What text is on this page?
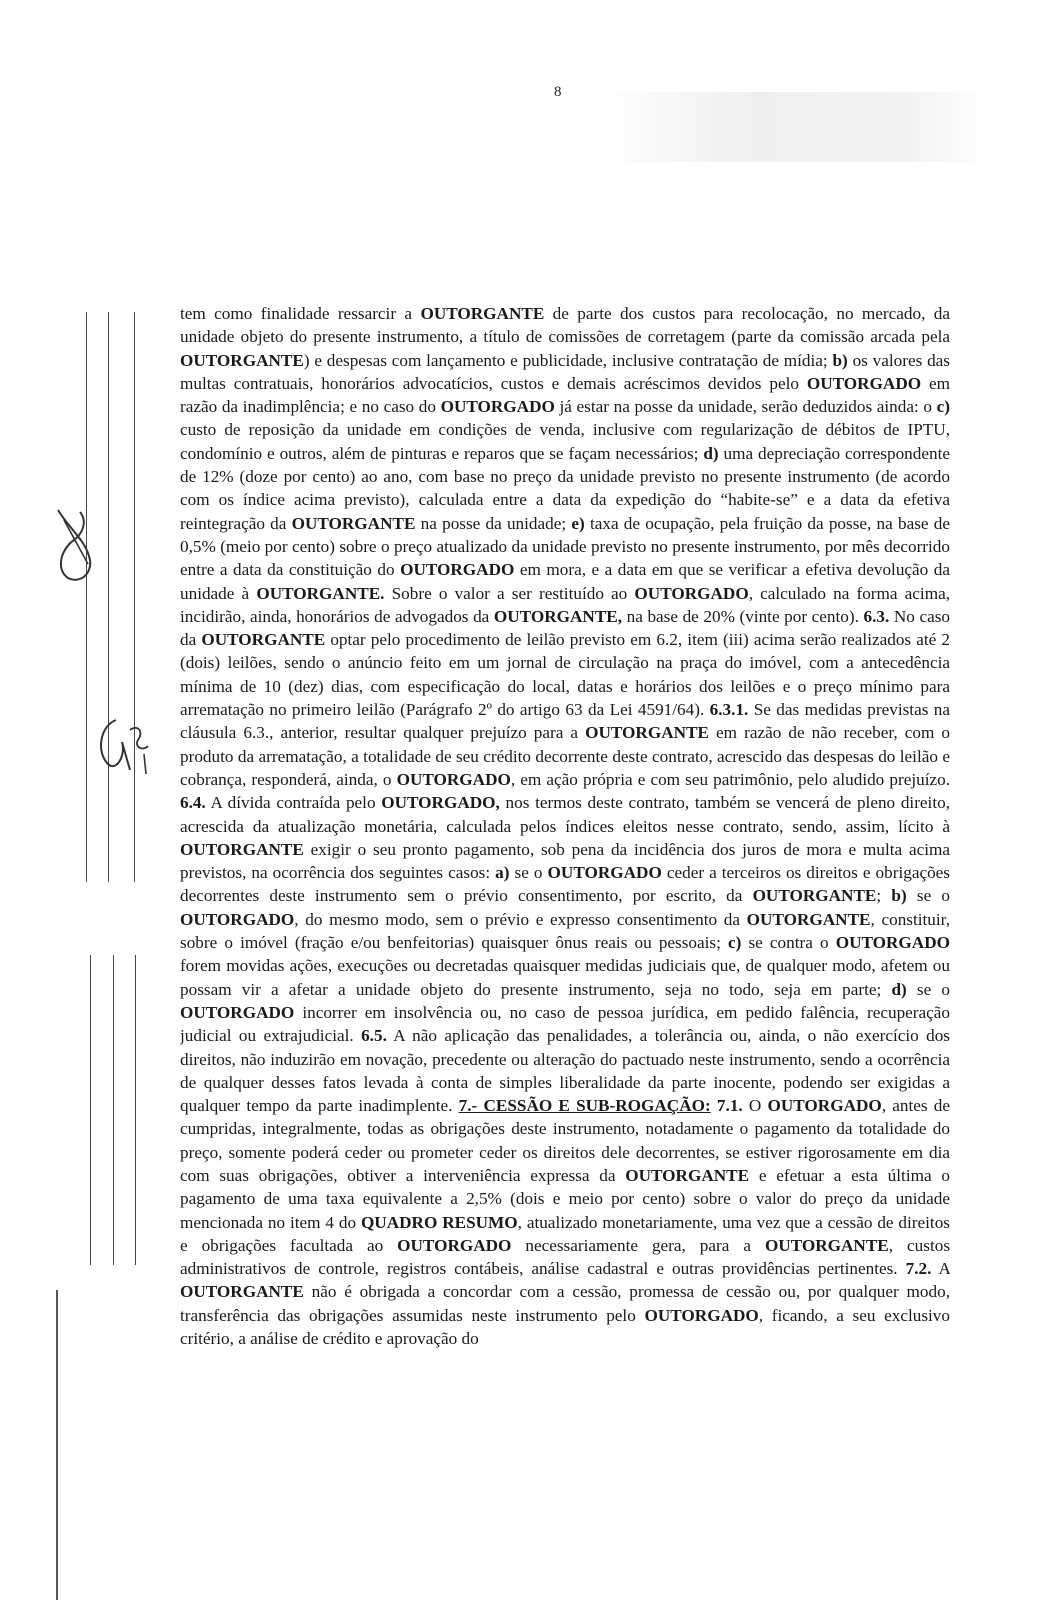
8

tem como finalidade ressarcir a OUTORGANTE de parte dos custos para recolocação, no mercado, da unidade objeto do presente instrumento, a título de comissões de corretagem (parte da comissão arcada pela OUTORGANTE) e despesas com lançamento e publicidade, inclusive contratação de mídia; b) os valores das multas contratuais, honorários advocatícios, custos e demais acréscimos devidos pelo OUTORGADO em razão da inadimplência; e no caso do OUTORGADO já estar na posse da unidade, serão deduzidos ainda: o c) custo de reposição da unidade em condições de venda, inclusive com regularização de débitos de IPTU, condomínio e outros, além de pinturas e reparos que se façam necessários; d) uma depreciação correspondente de 12% (doze por cento) ao ano, com base no preço da unidade previsto no presente instrumento (de acordo com os índice acima previsto), calculada entre a data da expedição do “habite-se” e a data da efetiva reintegração da OUTORGANTE na posse da unidade; e) taxa de ocupação, pela fruição da posse, na base de 0,5% (meio por cento) sobre o preço atualizado da unidade previsto no presente instrumento, por mês decorrido entre a data da constituição do OUTORGADO em mora, e a data em que se verificar a efetiva devolução da unidade à OUTORGANTE. Sobre o valor a ser restituído ao OUTORGADO, calculado na forma acima, incidirão, ainda, honorários de advogados da OUTORGANTE, na base de 20% (vinte por cento). 6.3. No caso da OUTORGANTE optar pelo procedimento de leilão previsto em 6.2, item (iii) acima serão realizados até 2 (dois) leilões, sendo o anúncio feito em um jornal de circulação na praça do imóvel, com a antecedência mínima de 10 (dez) dias, com especificação do local, datas e horários dos leilões e o preço mínimo para arrematação no primeiro leilão (Parágrafo 2º do artigo 63 da Lei 4591/64). 6.3.1. Se das medidas previstas na cláusula 6.3., anterior, resultar qualquer prejuízo para a OUTORGANTE em razão de não receber, com o produto da arrematação, a totalidade de seu crédito decorrente deste contrato, acrescido das despesas do leilão e cobrança, responderá, ainda, o OUTORGADO, em ação própria e com seu patrimônio, pelo aludido prejuízo. 6.4. A dívida contraída pelo OUTORGADO, nos termos deste contrato, também se vencerá de pleno direito, acrescida da atualização monetária, calculada pelos índices eleitos nesse contrato, sendo, assim, lícito à OUTORGANTE exigir o seu pronto pagamento, sob pena da incidência dos juros de mora e multa acima previstos, na ocorrência dos seguintes casos: a) se o OUTORGADO ceder a terceiros os direitos e obrigações decorrentes deste instrumento sem o prévio consentimento, por escrito, da OUTORGANTE; b) se o OUTORGADO, do mesmo modo, sem o prévio e expresso consentimento da OUTORGANTE, constituir, sobre o imóvel (fração e/ou benfeitorias) quaisquer ônus reais ou pessoais; c) se contra o OUTORGADO forem movidas ações, execuções ou decretadas quaisquer medidas judiciais que, de qualquer modo, afetem ou possam vir a afetar a unidade objeto do presente instrumento, seja no todo, seja em parte; d) se o OUTORGADO incorrer em insolvência ou, no caso de pessoa jurídica, em pedido falência, recuperação judicial ou extrajudicial. 6.5. A não aplicação das penalidades, a tolerância ou, ainda, o não exercício dos direitos, não induzirão em novação, precedente ou alteração do pactuado neste instrumento, sendo a ocorrência de qualquer desses fatos levada à conta de simples liberalidade da parte inocente, podendo ser exigidas a qualquer tempo da parte inadimplente. 7.- CESSÃO E SUB-ROGAÇÃO: 7.1. O OUTORGADO, antes de cumpridas, integralmente, todas as obrigações deste instrumento, notadamente o pagamento da totalidade do preço, somente poderá ceder ou prometer ceder os direitos dele decorrentes, se estiver rigorosamente em dia com suas obrigações, obtiver a interveniência expressa da OUTORGANTE e efetuar a esta última o pagamento de uma taxa equivalente a 2,5% (dois e meio por cento) sobre o valor do preço da unidade mencionada no item 4 do QUADRO RESUMO, atualizado monetariamente, uma vez que a cessão de direitos e obrigações facultada ao OUTORGADO necessariamente gera, para a OUTORGANTE, custos administrativos de controle, registros contábeis, análise cadastral e outras providências pertinentes. 7.2. A OUTORGANTE não é obrigada a concordar com a cessão, promessa de cessão ou, por qualquer modo, transferência das obrigações assumidas neste instrumento pelo OUTORGADO, ficando, a seu exclusivo critério, a análise de crédito e aprovação do
